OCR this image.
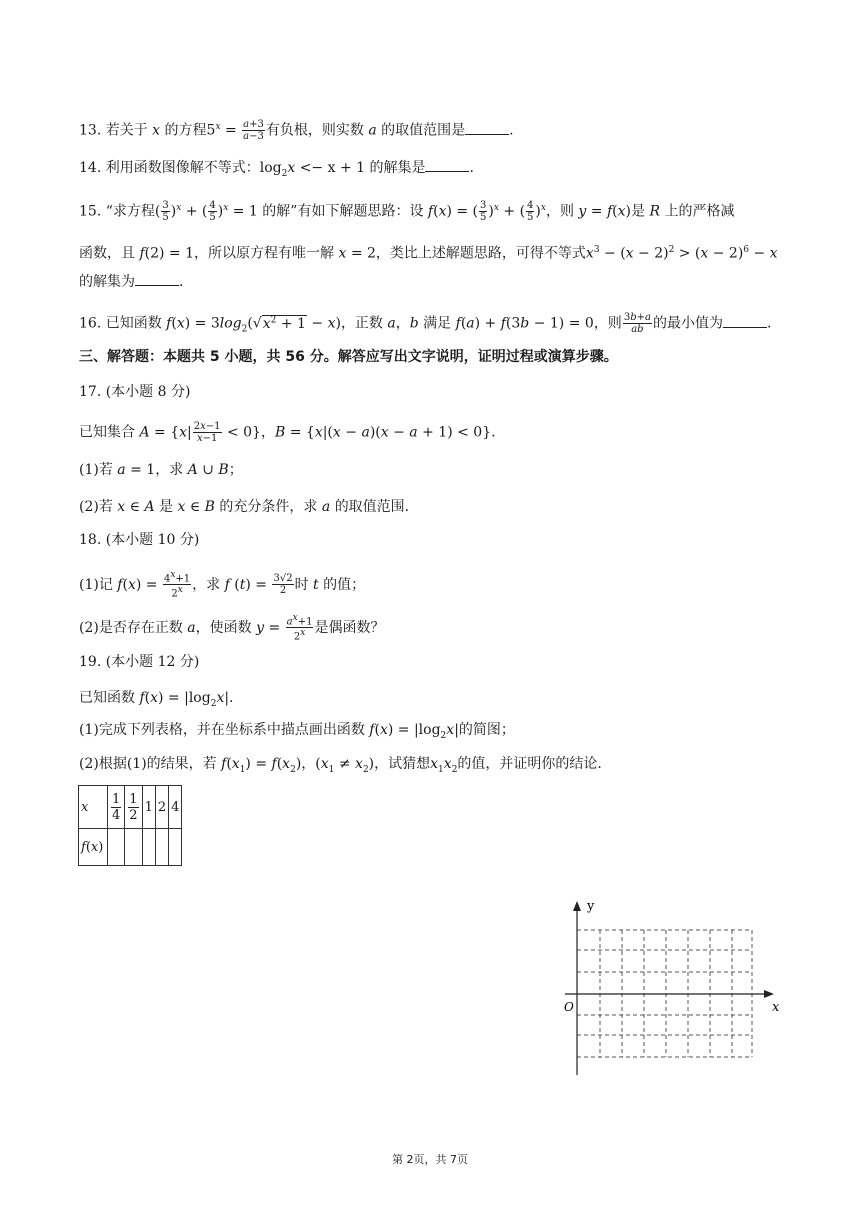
13. 若关于 x 的方程$5^x = \frac{a+3}{a-3}$ 有负根，则实数 a 的取值范围是	.
14. 利用函数图像解不等式：$\log_2x <- x + 1$ 的解集是	.
15. “求方程( $\frac{3}{5} )^x$ + ( $\frac{4}{5} )^x = 1$ 的解”有如下解题思路：设 f(x) = ( $\frac{3}{5} )^x$ + ( $\frac{4}{5} )^x$，则 y = f(x)是 R 上的严格减
函数，且 f(2) = 1，所以原方程有唯一解 x = 2，类比上述解题思路，可得不等式$x^3 - (x - 2)^2 > (x - 2)^6 - x$
的解集为	.
16. 已知函数 $f(x) = 3\log_2(√x^2 + 1 - x)$，正数 a，b 满足 f(a) + f(3b − 1) = 0，则 $\frac{3b+a}{ab}$ 的最小值为	.
三、解答题：本题共 5 小题，共 56 分。解答应写出文字说明，证明过程或演算步骤。
17. (本小题 8 分)
已知集合 $A = \{x| \frac{2x-1}{x-1} < 0\}$，B = {x|(x − a)(x − a + 1) < 0}.
(1)若 a = 1，求 A ∪ B；
(2)若 x ∈ A 是 x ∈ B 的充分条件，求 a 的取值范围.
18. (本小题 10 分)
(1)记 $f(x) = \frac{4^x+1}{2^x}$ ，求 f $(t) = \frac{3√2}{2}$ 时 t 的值；
(2)是否存在正数 a，使函数 $y = \frac{a^x+1}{2^x}$ 是偶函数？
19. (本小题 12 分)
已知函数 $f(x) = |\log_2x|$.
(1)完成下列表格，并在坐标系中描点画出函数 $f(x) = |\log_2x|$的简图；
(2)根据(1)的结果，若 $f(x_1) = f(x_2)$，$(x_1 \ne x_2)$，试猜想$x_1x_2$的值，并证明你的结论.
x	$\frac{1}{4}$	$\frac{1}{2}$	1	2	4
f(x)					
y
x
O
第 2页，共 7页
